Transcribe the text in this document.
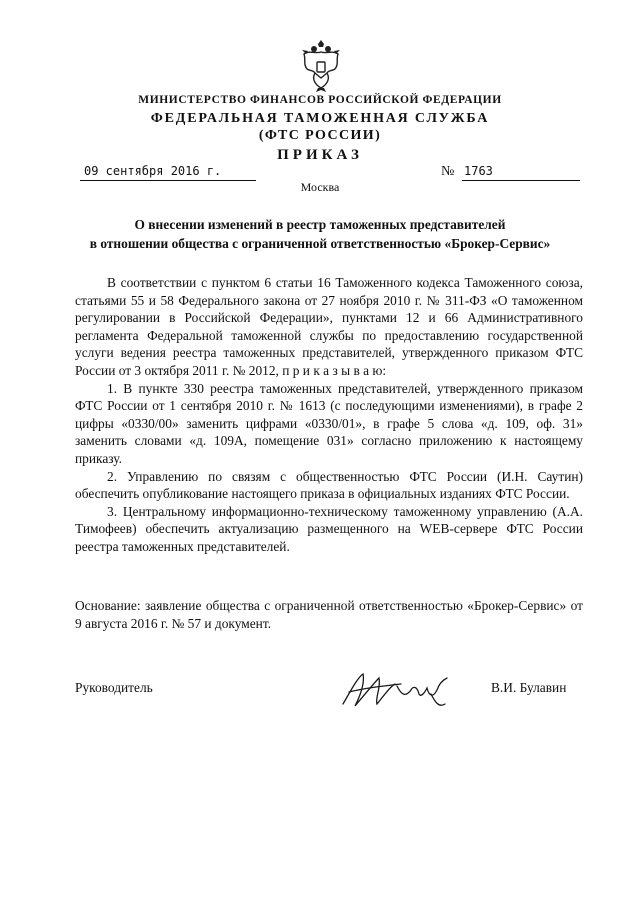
МИНИСТЕРСТВО ФИНАНСОВ РОССИЙСКОЙ ФЕДЕРАЦИИ
ФЕДЕРАЛЬНАЯ ТАМОЖЕННАЯ СЛУЖБА
(ФТС РОССИИ)
ПРИКАЗ
09 сентября 2016 г.	№ 1763
Москва
О внесении изменений в реестр таможенных представителей
в отношении общества с ограниченной ответственностью «Брокер-Сервис»

В соответствии с пунктом 6 статьи 16 Таможенного кодекса Таможенного союза, статьями 55 и 58 Федерального закона от 27 ноября 2010 г. № 311-ФЗ «О таможенном регулировании в Российской Федерации», пунктами 12 и 66 Административного регламента Федеральной таможенной службы по предоставлению государственной услуги ведения реестра таможенных представителей, утвержденного приказом ФТС России от 3 октября 2011 г. № 2012, п р и к а з ы в а ю:

1. В пункте 330 реестра таможенных представителей, утвержденного приказом ФТС России от 1 сентября 2010 г. № 1613 (с последующими изменениями), в графе 2 цифры «0330/00» заменить цифрами «0330/01», в графе 5 слова «д. 109, оф. 31» заменить словами «д. 109А, помещение 031» согласно приложению к настоящему приказу.

2. Управлению по связям с общественностью ФТС России (И.Н. Саутин) обеспечить опубликование настоящего приказа в официальных изданиях ФТС России.

3. Центральному информационно-техническому таможенному управлению (А.А. Тимофеев) обеспечить актуализацию размещенного на WEB-сервере ФТС России реестра таможенных представителей.

Основание: заявление общества с ограниченной ответственностью «Брокер-Сервис» от 9 августа 2016 г. № 57 и документ.

Руководитель	В.И. Булавин
